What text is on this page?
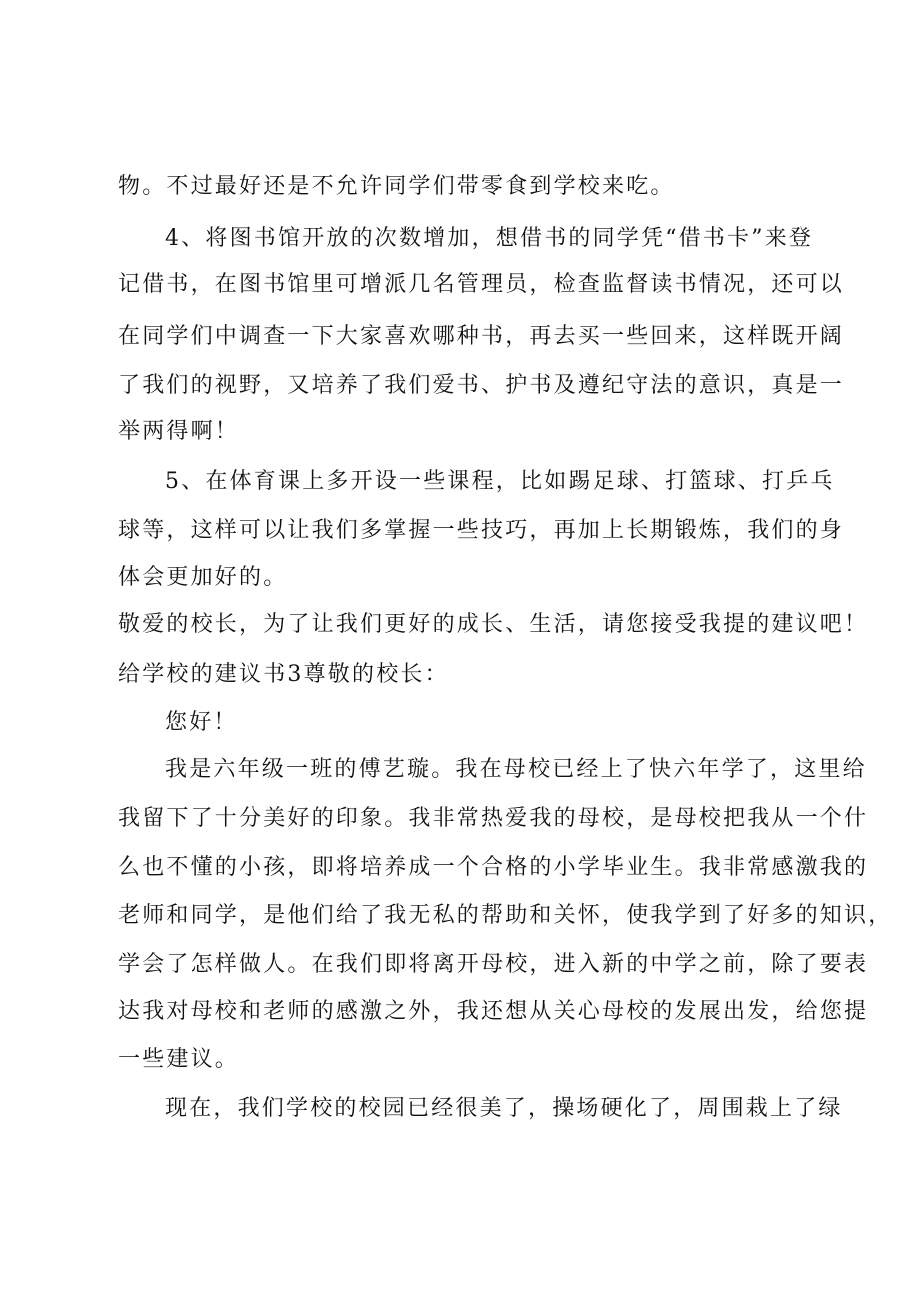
物。不过最好还是不允许同学们带零食到学校来吃。
4、将图书馆开放的次数增加，想借书的同学凭“借书卡”来登
记借书，在图书馆里可增派几名管理员，检查监督读书情况，还可以
在同学们中调查一下大家喜欢哪种书，再去买一些回来，这样既开阔
了我们的视野，又培养了我们爱书、护书及遵纪守法的意识，真是一
举两得啊！
5、在体育课上多开设一些课程，比如踢足球、打篮球、打乒乓
球等，这样可以让我们多掌握一些技巧，再加上长期锻炼，我们的身
体会更加好的。
敬爱的校长，为了让我们更好的成长、生活，请您接受我提的建议吧！
给学校的建议书3尊敬的校长：
您好！
我是六年级一班的傅艺璇。我在母校已经上了快六年学了，这里给
我留下了十分美好的印象。我非常热爱我的母校，是母校把我从一个什
么也不懂的小孩，即将培养成一个合格的小学毕业生。我非常感激我的
老师和同学，是他们给了我无私的帮助和关怀，使我学到了好多的知识，
学会了怎样做人。在我们即将离开母校，进入新的中学之前，除了要表
达我对母校和老师的感激之外，我还想从关心母校的发展出发，给您提
一些建议。
现在，我们学校的校园已经很美了，操场硬化了，周围栽上了绿
